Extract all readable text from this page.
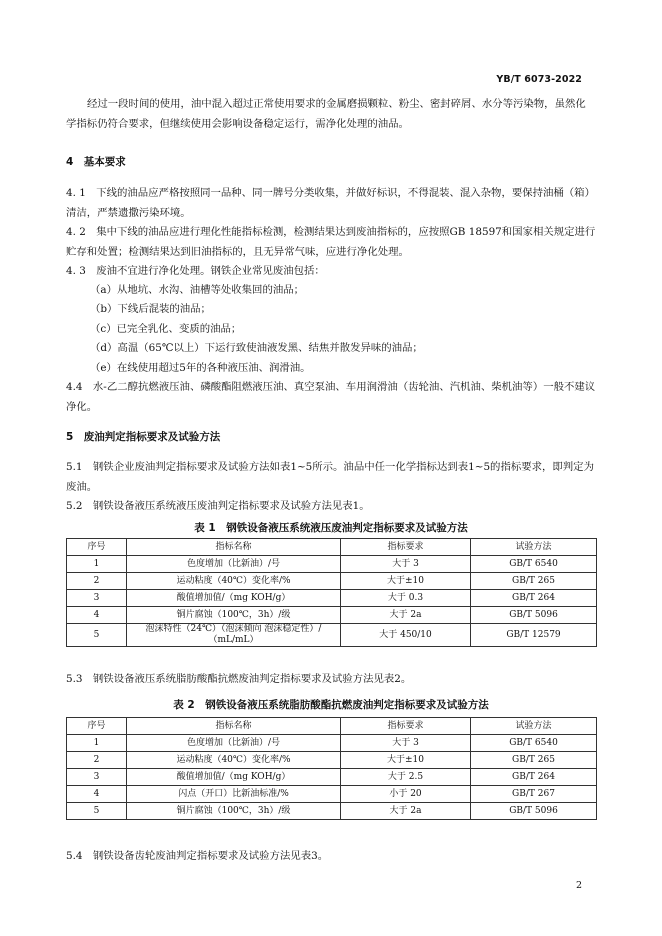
YB/T 6073-2022

经过一段时间的使用，油中混入超过正常使用要求的金属磨损颗粒、粉尘、密封碎屑、水分等污染物，虽然化学指标仍符合要求，但继续使用会影响设备稳定运行，需净化处理的油品。

4　基本要求

4. 1　下线的油品应严格按照同一品种、同一牌号分类收集，并做好标识，不得混装、混入杂物，要保持油桶（箱）清洁，严禁遗撒污染环境。

4. 2　集中下线的油品应进行理化性能指标检测，检测结果达到废油指标的，应按照GB 18597和国家相关规定进行贮存和处置；检测结果达到旧油指标的，且无异常气味，应进行净化处理。

4. 3　废油不宜进行净化处理。钢铁企业常见废油包括：

（a）从地坑、水沟、油槽等处收集回的油品；

（b）下线后混装的油品；

（c）已完全乳化、变质的油品；

（d）高温（65℃以上）下运行致使油液发黑、结焦并散发异味的油品；

（e）在线使用超过5年的各种液压油、润滑油。

4.4　水-乙二醇抗燃液压油、磷酸酯阻燃液压油、真空泵油、车用润滑油（齿轮油、汽机油、柴机油等）一般不建议净化。

5　废油判定指标要求及试验方法

5.1　钢铁企业废油判定指标要求及试验方法如表1~5所示。油品中任一化学指标达到表1~5的指标要求，即判定为废油。

5.2　钢铁设备液压系统液压废油判定指标要求及试验方法见表1。

表 1　钢铁设备液压系统液压废油判定指标要求及试验方法

序号	指标名称	指标要求	试验方法
1	色度增加（比新油）/号	大于 3	GB/T 6540
2	运动粘度（40℃）变化率/%	大于±10	GB/T 265
3	酸值增加值/（mg KOH/g）	大于 0.3	GB/T 264
4	铜片腐蚀（100℃，3h）/级	大于 2a	GB/T 5096
5	泡沫特性（24℃）（泡沫倾向 泡沫稳定性）/（mL/mL）	大于 450/10	GB/T 12579

5.3　钢铁设备液压系统脂肪酸酯抗燃废油判定指标要求及试验方法见表2。

表 2　钢铁设备液压系统脂肪酸酯抗燃废油判定指标要求及试验方法

序号	指标名称	指标要求	试验方法
1	色度增加（比新油）/号	大于 3	GB/T 6540
2	运动粘度（40℃）变化率/%	大于±10	GB/T 265
3	酸值增加值/（mg KOH/g）	大于 2.5	GB/T 264
4	闪点（开口）比新油标准/%	小于 20	GB/T 267
5	铜片腐蚀（100℃，3h）/级	大于 2a	GB/T 5096

5.4　钢铁设备齿轮废油判定指标要求及试验方法见表3。

2
